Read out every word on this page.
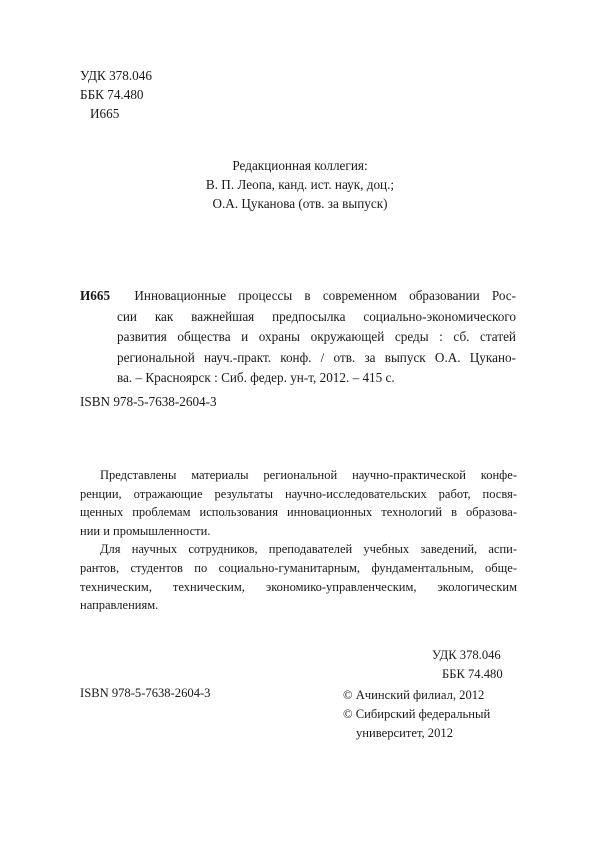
УДК 378.046
ББК 74.480
И665
Редакционная коллегия:
В. П. Леопа, канд. ист. наук, доц.;
О.А. Цуканова (отв. за выпуск)
И665 Инновационные процессы в современном образовании Рос-
сии как важнейшая предпосылка социально-экономического
развития общества и охраны окружающей среды : сб. статей
региональной науч.-практ. конф. / отв. за выпуск О.А. Цуканo-
ва. – Красноярск : Сиб. федер. ун-т, 2012. – 415 с.
ISBN 978-5-7638-2604-3
Представлены материалы региональной научно-практической конфе-
ренции, отражающие результаты научно-исследовательских работ, посвя-
щенных проблемам использования инновационных технологий в образова-
нии и промышленности.
Для научных сотрудников, преподавателей учебных заведений, аспи-
рантов, студентов по социально-гуманитарным, фундаментальным, обще-
техническим, техническим, экономико-управленческим, экологическим
направлениям.
УДК 378.046
ББК 74.480
ISBN 978-5-7638-2604-3	© Ачинский филиал, 2012
© Сибирский федеральный
университет, 2012
